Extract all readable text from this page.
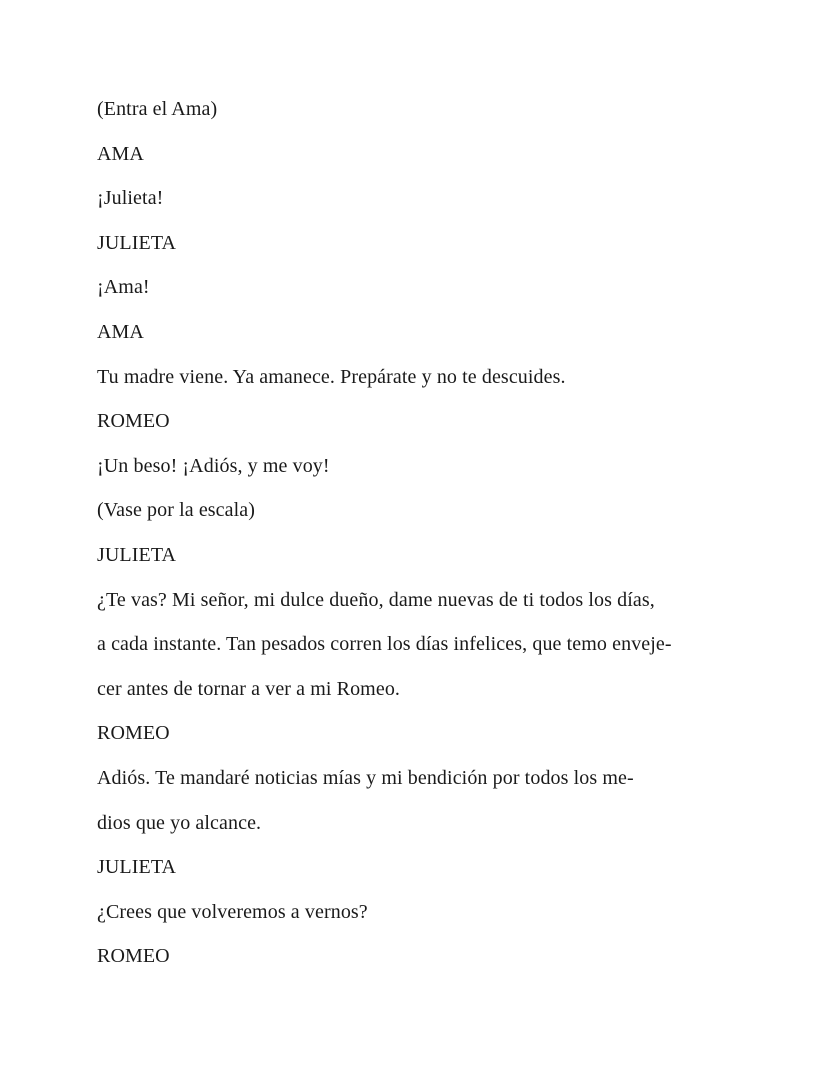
(Entra el Ama)

AMA

¡Julieta!

JULIETA

¡Ama!

AMA

Tu madre viene. Ya amanece. Prepárate y no te descuides.

ROMEO

¡Un beso! ¡Adiós, y me voy!

(Vase por la escala)

JULIETA

¿Te vas? Mi señor, mi dulce dueño, dame nuevas de ti todos los días,

a cada instante. Tan pesados corren los días infelices, que temo enveje-

cer antes de tornar a ver a mi Romeo.

ROMEO

Adiós. Te mandaré noticias mías y mi bendición por todos los me-

dios que yo alcance.

JULIETA

¿Crees que volveremos a vernos?

ROMEO
